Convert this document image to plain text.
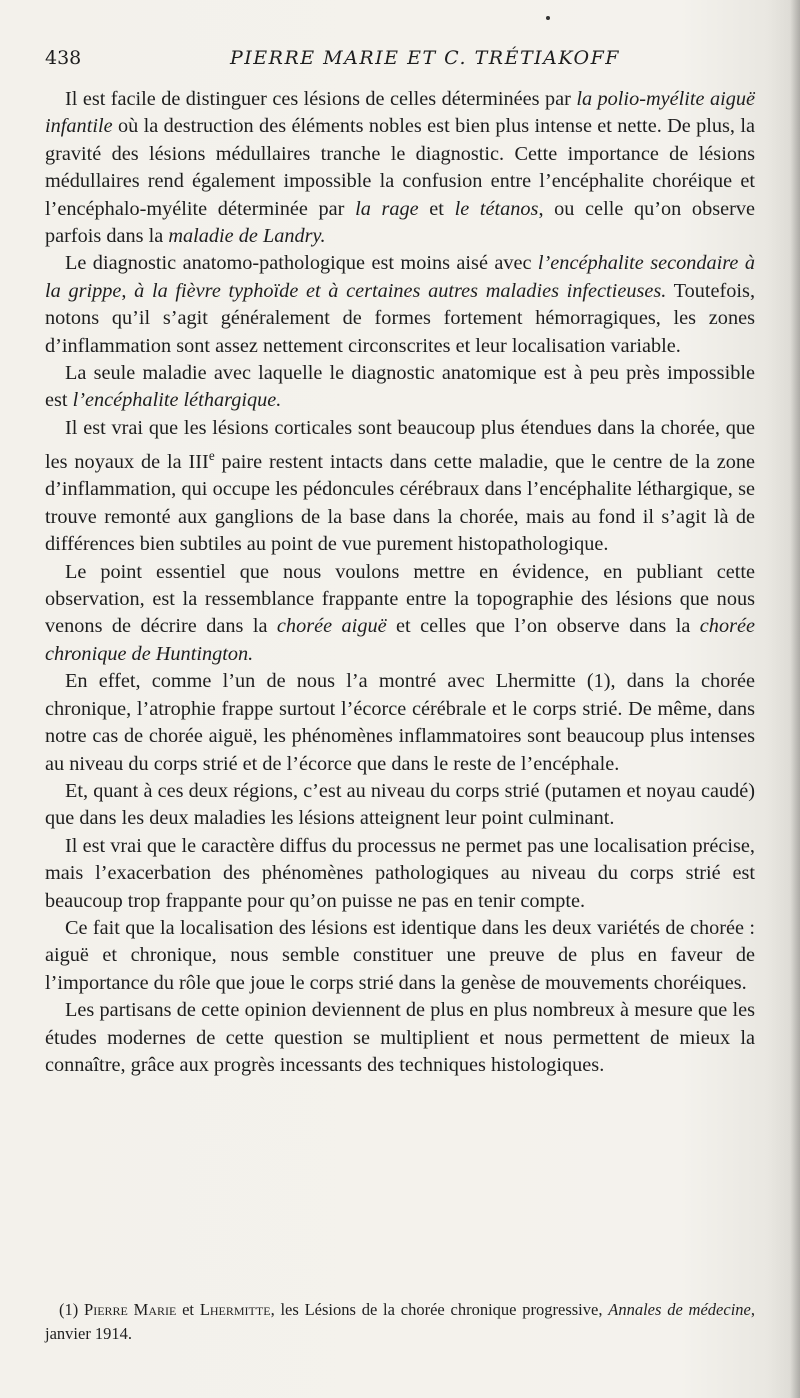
438	PIERRE MARIE ET C. TRÉTIAKOFF

Il est facile de distinguer ces lésions de celles déterminées par la polio-myélite aiguë infantile où la destruction des éléments nobles est bien plus intense et nette. De plus, la gravité des lésions médullaires tranche le diagnostic. Cette importance de lésions médullaires rend également impossible la confusion entre l’encéphalite choréique et l’encéphalo-myélite déterminée par la rage et le tétanos, ou celle qu’on observe parfois dans la maladie de Landry.

Le diagnostic anatomo-pathologique est moins aisé avec l’encéphalite secondaire à la grippe, à la fièvre typhoïde et à certaines autres maladies infectieuses. Toutefois, notons qu’il s’agit généralement de formes fortement hémorragiques, les zones d’inflammation sont assez nettement circonscrites et leur localisation variable.

La seule maladie avec laquelle le diagnostic anatomique est à peu près impossible est l’encéphalite léthargique.

Il est vrai que les lésions corticales sont beaucoup plus étendues dans la chorée, que les noyaux de la IIIe paire restent intacts dans cette maladie, que le centre de la zone d’inflammation, qui occupe les pédoncules cérébraux dans l’encéphalite léthargique, se trouve remonté aux ganglions de la base dans la chorée, mais au fond il s’agit là de différences bien subtiles au point de vue purement histopathologique.

Le point essentiel que nous voulons mettre en évidence, en publiant cette observation, est la ressemblance frappante entre la topographie des lésions que nous venons de décrire dans la chorée aiguë et celles que l’on observe dans la chorée chronique de Huntington.

En effet, comme l’un de nous l’a montré avec Lhermitte (1), dans la chorée chronique, l’atrophie frappe surtout l’écorce cérébrale et le corps strié. De même, dans notre cas de chorée aiguë, les phénomènes inflammatoires sont beaucoup plus intenses au niveau du corps strié et de l’écorce que dans le reste de l’encéphale.

Et, quant à ces deux régions, c’est au niveau du corps strié (putamen et noyau caudé) que dans les deux maladies les lésions atteignent leur point culminant.

Il est vrai que le caractère diffus du processus ne permet pas une localisation précise, mais l’exacerbation des phénomènes pathologiques au niveau du corps strié est beaucoup trop frappante pour qu’on puisse ne pas en tenir compte.

Ce fait que la localisation des lésions est identique dans les deux variétés de chorée : aiguë et chronique, nous semble constituer une preuve de plus en faveur de l’importance du rôle que joue le corps strié dans la genèse de mouvements choréiques.

Les partisans de cette opinion deviennent de plus en plus nombreux à mesure que les études modernes de cette question se multiplient et nous permettent de mieux la connaître, grâce aux progrès incessants des techniques histologiques.

(1) Pierre Marie et Lhermitte, les Lésions de la chorée chronique progressive, Annales de médecine, janvier 1914.
